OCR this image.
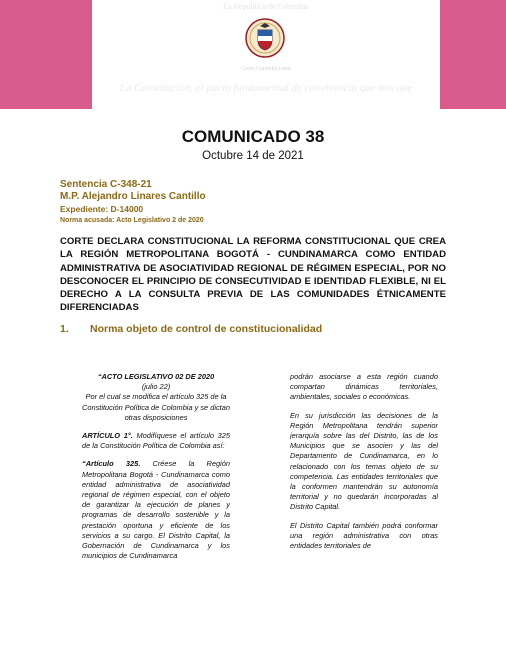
La República de Colombia
Corte Constitucional
La Constitución, el pacto fundamental de convivencia que nos une
COMUNICADO 38
Octubre 14 de 2021
Sentencia C-348-21
M.P. Alejandro Linares Cantillo
Expediente: D-14000
Norma acusada: Acto Legislativo 2 de 2020
CORTE DECLARA CONSTITUCIONAL LA REFORMA CONSTITUCIONAL QUE CREA LA REGIÓN METROPOLITANA BOGOTÁ - CUNDINAMARCA COMO ENTIDAD ADMINISTRATIVA DE ASOCIATIVIDAD REGIONAL DE RÉGIMEN ESPECIAL, POR NO DESCONOCER EL PRINCIPIO DE CONSECUTIVIDAD E IDENTIDAD FLEXIBLE, NI EL DERECHO A LA CONSULTA PREVIA DE LAS COMUNIDADES ÉTNICAMENTE DIFERENCIADAS
1. Norma objeto de control de constitucionalidad

“ACTO LEGISLATIVO 02 DE 2020
(julio 22)
Por el cual se modifica el artículo 325 de la Constitución Política de Colombia y se dictan otras disposiciones

ARTÍCULO 1°. Modifíquese el artículo 325 de la Constitución Política de Colombia así:

“Artículo 325. Créese la Región Metropolitana Bogotá - Cundinamarca como entidad administrativa de asociatividad regional de régimen especial, con el objeto de garantizar la ejecución de planes y programas de desarrollo sostenible y la prestación oportuna y eficiente de los servicios a su cargo. El Distrito Capital, la Gobernación de Cundinamarca y los municipios de Cundinamarca

podrán asociarse a esta región cuando compartan dinámicas territoriales, ambientales, sociales o económicas.

En su jurisdicción las decisiones de la Región Metropolitana tendrán superior jerarquía sobre las del Distrito, las de los Municipios que se asocien y las del Departamento de Cundinamarca, en lo relacionado con los temas objeto de su competencia. Las entidades territoriales que la conformen mantendrán su autonomía territorial y no quedarán incorporadas al Distrito Capital.

El Distrito Capital también podrá conformar una región administrativa con otras entidades territoriales de
